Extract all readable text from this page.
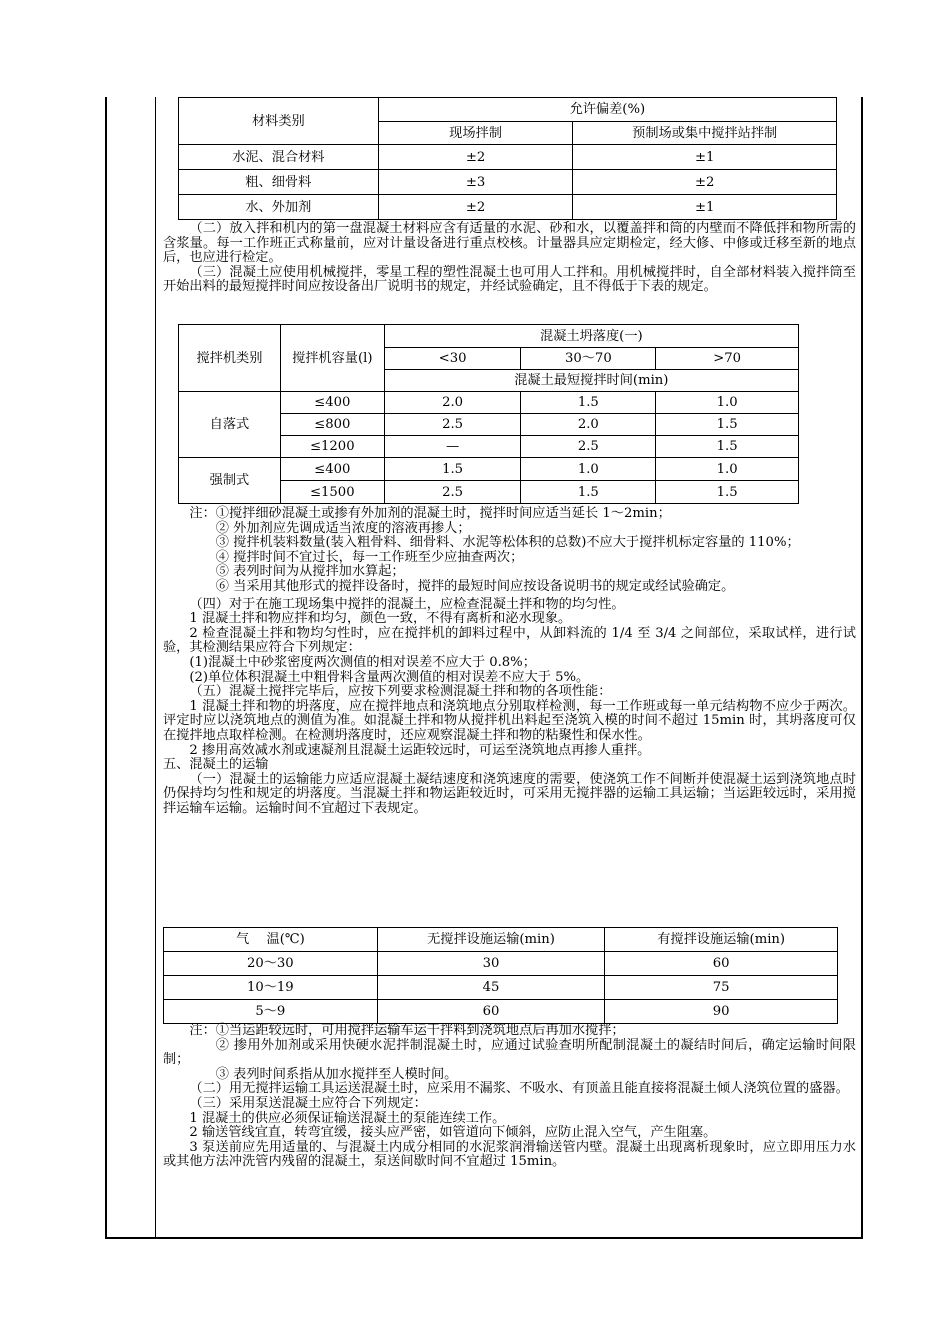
材料类别	允许偏差(%)	
	现场拌制	预制场或集中搅拌站拌制
水泥、混合材料	±2	±1
粗、细骨料	±3	±2
水、外加剂	±2	±1

（二）放入拌和机内的第一盘混凝土材料应含有适量的水泥、砂和水，以覆盖拌和筒的内壁而不降低拌和物所需的含浆量。每一工作班正式称量前，应对计量设备进行重点校核。计量器具应定期检定，经大修、中修或迁移至新的地点后，也应进行检定。

（三）混凝土应使用机械搅拌，零星工程的塑性混凝土也可用人工拌和。用机械搅拌时，自全部材料装入搅拌筒至开始出料的最短搅拌时间应按设备出厂说明书的规定，并经试验确定，且不得低于下表的规定。

搅拌机类别	搅拌机容量(l)	混凝土坍落度(一)		
		<30	30～70	>70
		混凝土最短搅拌时间(min)		
自落式	≤400	2.0	1.5	1.0
	≤800	2.5	2.0	1.5
	≤1200	—	2.5	1.5
强制式	≤400	1.5	1.0	1.0
	≤1500	2.5	1.5	1.5

注：①搅拌细砂混凝土或掺有外加剂的混凝土时，搅拌时间应适当延长 1～2min；

② 外加剂应先调成适当浓度的溶液再掺人；

③ 搅拌机装料数量(装入粗骨料、细骨料、水泥等松体积的总数)不应大于搅拌机标定容量的 110%；

④ 搅拌时间不宜过长，每一工作班至少应抽查两次；

⑤ 表列时间为从搅拌加水算起；

⑥ 当采用其他形式的搅拌设备时，搅拌的最短时间应按设备说明书的规定或经试验确定。

（四）对于在施工现场集中搅拌的混凝土，应检查混凝土拌和物的均匀性。

1 混凝土拌和物应拌和均匀，颜色一致，不得有离析和泌水现象。

2 检查混凝土拌和物均匀性时，应在搅拌机的卸料过程中，从卸料流的 1/4 至 3/4 之间部位，采取试样，进行试验，其检测结果应符合下列规定：

(1)混凝土中砂浆密度两次测值的相对误差不应大于 0.8%；

(2)单位体积混凝土中粗骨料含量两次测值的相对误差不应大于 5%。

（五）混凝土搅拌完毕后，应按下列要求检测混凝土拌和物的各项性能：

1 混凝土拌和物的坍落度，应在搅拌地点和浇筑地点分别取样检测，每一工作班或每一单元结构物不应少于两次。评定时应以浇筑地点的测值为准。如混凝土拌和物从搅拌机出料起至浇筑入模的时间不超过 15min 时，其坍落度可仅在搅拌地点取样检测。在检测坍落度时，还应观察混凝土拌和物的粘聚性和保水性。

2 掺用高效减水剂或速凝剂且混凝土运距较远时，可运至浇筑地点再掺人重拌。

五、混凝土的运输

（一）混凝土的运输能力应适应混凝土凝结速度和浇筑速度的需要，使浇筑工作不间断并使混凝土运到浇筑地点时仍保持均匀性和规定的坍落度。当混凝土拌和物运距较近时，可采用无搅拌器的运输工具运输；当运距较远时，采用搅拌运输车运输。运输时间不宜超过下表规定。

气　 温(℃)	无搅拌设施运输(min)	有搅拌设施运输(min)
20～30	30	60
10～19	45	75
5～9	60	90

注：①当运距较远时，可用搅拌运输车运干拌料到浇筑地点后再加水搅拌；

② 掺用外加剂或采用快硬水泥拌制混凝土时，应通过试验查明所配制混凝土的凝结时间后，确定运输时间限制；

③ 表列时间系指从加水搅拌至人模时间。

（二）用无搅拌运输工具运送混凝土时，应采用不漏浆、不吸水、有顶盖且能直接将混凝土倾人浇筑位置的盛器。

（三）采用泵送混凝土应符合下列规定：

1 混凝土的供应必须保证输送混凝土的泵能连续工作。

2 输送管线宜直，转弯宜缓，接头应严密，如管道向下倾斜，应防止混入空气，产生阻塞。

3 泵送前应先用适量的、与混凝土内成分相同的水泥浆润滑输送管内壁。混凝土出现离析现象时，应立即用压力水或其他方法冲洗管内残留的混凝土，泵送间歇时间不宜超过 15min。
